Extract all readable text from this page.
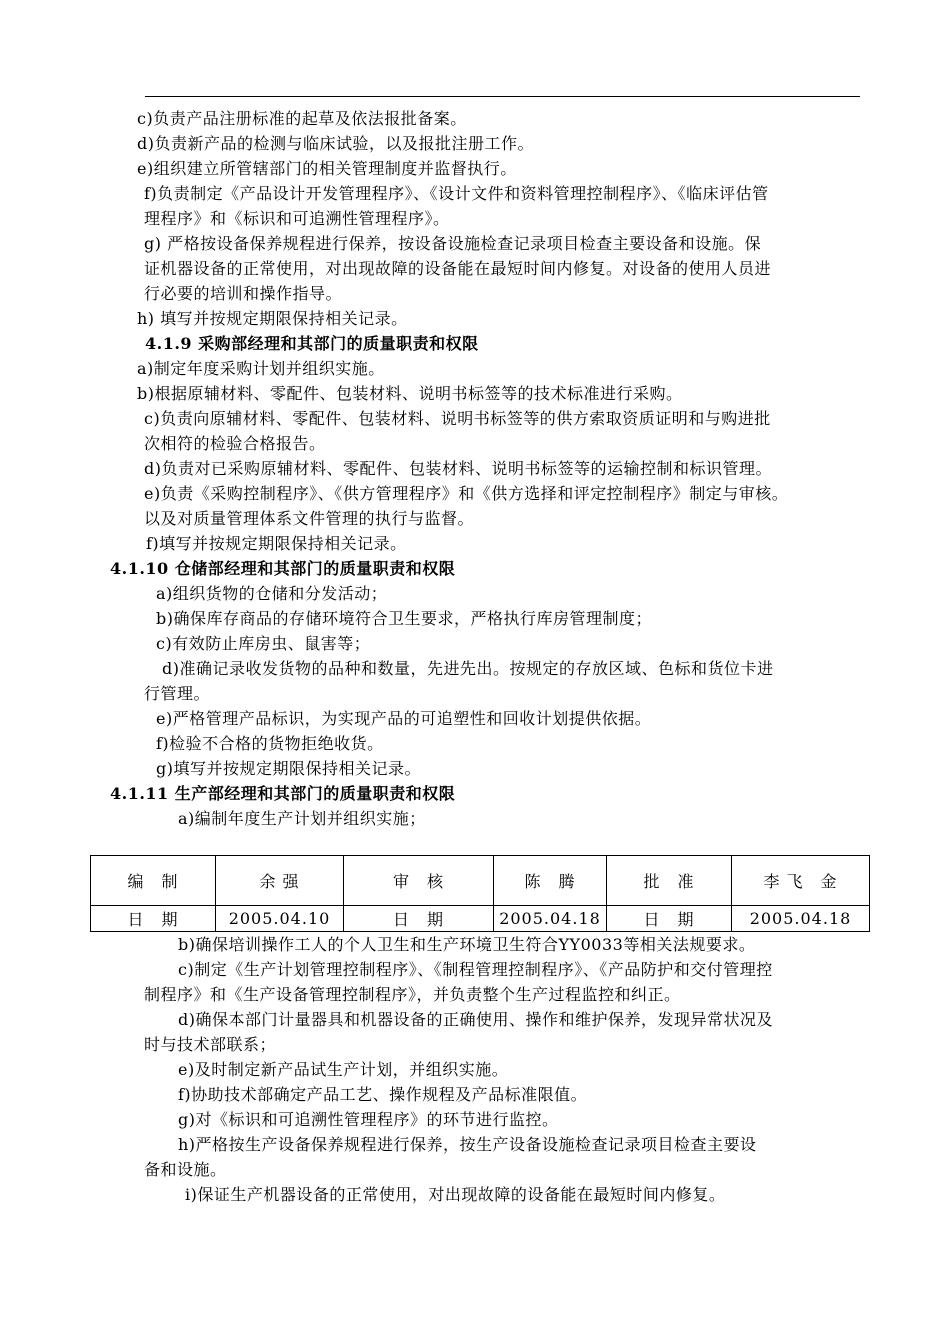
c)负责产品注册标准的起草及依法报批备案。
d)负责新产品的检测与临床试验，以及报批注册工作。
e)组织建立所管辖部门的相关管理制度并监督执行。
f)负责制定《产品设计开发管理程序》、《设计文件和资料管理控制程序》、《临床评估管
理程序》和《标识和可追溯性管理程序》。
g) 严格按设备保养规程进行保养，按设备设施检查记录项目检查主要设备和设施。保
证机器设备的正常使用，对出现故障的设备能在最短时间内修复。对设备的使用人员进
行必要的培训和操作指导。
h) 填写并按规定期限保持相关记录。
4.1.9 采购部经理和其部门的质量职责和权限
a)制定年度采购计划并组织实施。
b)根据原辅材料、零配件、包装材料、说明书标签等的技术标准进行采购。
c)负责向原辅材料、零配件、包装材料、说明书标签等的供方索取资质证明和与购进批
次相符的检验合格报告。
d)负责对已采购原辅材料、零配件、包装材料、说明书标签等的运输控制和标识管理。
e)负责《采购控制程序》、《供方管理程序》和《供方选择和评定控制程序》制定与审核。
以及对质量管理体系文件管理的执行与监督。
f)填写并按规定期限保持相关记录。
4.1.10 仓储部经理和其部门的质量职责和权限
a)组织货物的仓储和分发活动；
b)确保库存商品的存储环境符合卫生要求，严格执行库房管理制度；
c)有效防止库房虫、鼠害等；
d)准确记录收发货物的品种和数量，先进先出。按规定的存放区域、色标和货位卡进
行管理。
e)严格管理产品标识，为实现产品的可追塑性和回收计划提供依据。
f)检验不合格的货物拒绝收货。
g)填写并按规定期限保持相关记录。
4.1.11 生产部经理和其部门的质量职责和权限
a)编制年度生产计划并组织实施；
b)确保培训操作工人的个人卫生和生产环境卫生符合YY0033等相关法规要求。
c)制定《生产计划管理控制程序》、《制程管理控制程序》、《产品防护和交付管理控
制程序》和《生产设备管理控制程序》，并负责整个生产过程监控和纠正。
d)确保本部门计量器具和机器设备的正确使用、操作和维护保养，发现异常状况及
时与技术部联系；
e)及时制定新产品试生产计划，并组织实施。
f)协助技术部确定产品工艺、操作规程及产品标准限值。
g)对《标识和可追溯性管理程序》的环节进行监控。
h)严格按生产设备保养规程进行保养，按生产设备设施检查记录项目检查主要设
备和设施。
i)保证生产机器设备的正常使用，对出现故障的设备能在最短时间内修复。
编　制	余 强	审　核	陈　腾	批　准	李 飞　金
日　期	2005.04.10	日　期	2005.04.18	日　期	2005.04.18
